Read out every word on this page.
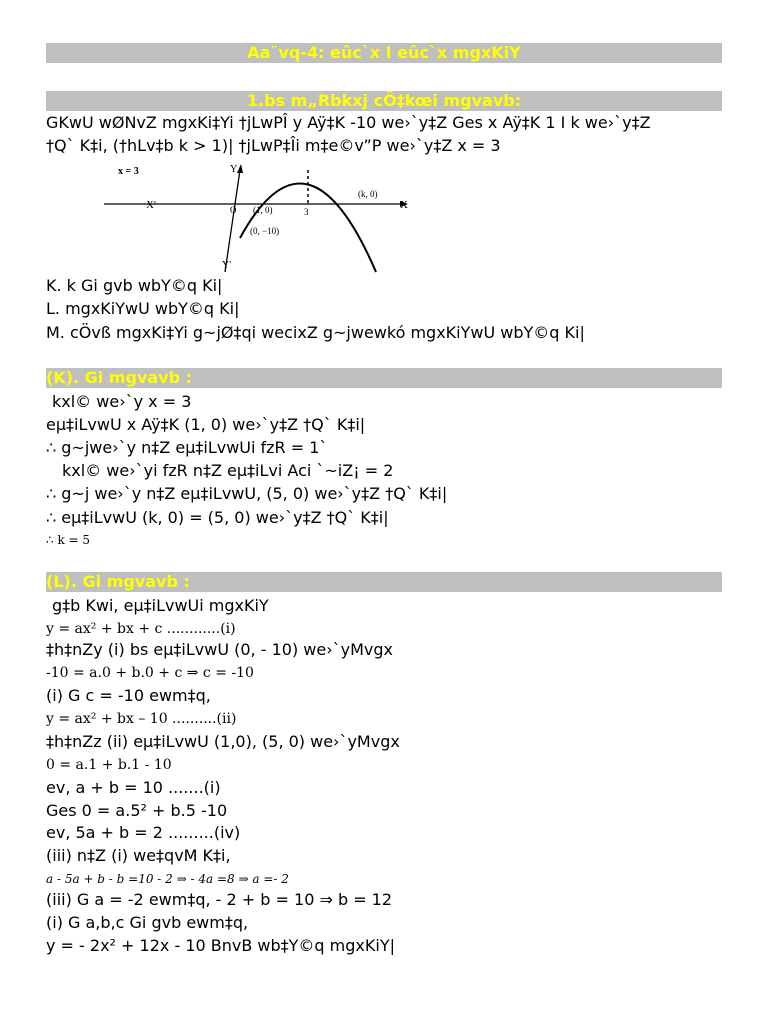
Aa¨vq-4: eûc`x I eûc`x mgxKiY
1.bs m„Rbkxj cÖ‡kœi mgvavb:
GKwU wØNvZ mgxKi‡Yi †jLwPÎ y Aÿ‡K -10 we›`y‡Z Ges x Aÿ‡K 1 I k we›`y‡Z
†Q` K‡i, (†hLv‡b k > 1)| †jLwP‡Îi m‡e©v”P we›`y‡Z x = 3
x = 3	Y
X
X'
Y'
O (1, 0)	3
(k, 0)
(0, −10)
K. k Gi gvb wbY©q Ki|
L. mgxKiYwU wbY©q Ki|
M. cÖvß mgxKi‡Yi g~jØ‡qi wecixZ g~jwewkó mgxKiYwU wbY©q Ki|
(K). Gi mgvavb :
kxl© we›`y x = 3
eµ‡iLvwU x Aÿ‡K (1, 0) we›`y‡Z †Q` K‡i|
∴ g~jwe›`y n‡Z eµ‡iLvwUi fzR = 1`
kxl© we›`yi fzR n‡Z eµ‡iLvi Aci `~iZ¡ = 2
∴ g~j we›`y n‡Z eµ‡iLvwU, (5, 0) we›`y‡Z †Q` K‡i|
∴ eµ‡iLvwU (k, 0) = (5, 0) we›`y‡Z †Q` K‡i|
∴ k = 5
(L). Gi mgvavb :
g‡b Kwi, eµ‡iLvwUi mgxKiY
y = ax² + bx + c ............(i)
‡h‡nZy (i) bs eµ‡iLvwU (0, - 10) we›`yMvgx
-10 = a.0 + b.0 + c ⇒ c = -10
(i) G c = -10 ewm‡q,
y = ax² + bx – 10 ..........(ii)
‡h‡nZz (ii) eµ‡iLvwU (1,0), (5, 0) we›`yMvgx
0 = a.1 + b.1 - 10
ev, a + b = 10 .......(i)
Ges 0 = a.5² + b.5 -10
ev, 5a + b = 2 .........(iv)
(iii) n‡Z (i) we‡qvM K‡i,
a - 5a + b - b =10 - 2 ⇒ - 4a =8 ⇒ a =- 2
(iii) G a = -2 ewm‡q, - 2 + b = 10 ⇒ b = 12
(i) G a,b,c Gi gvb ewm‡q,
y = - 2x² + 12x - 10 BnvB wb‡Y©q mgxKiY|
